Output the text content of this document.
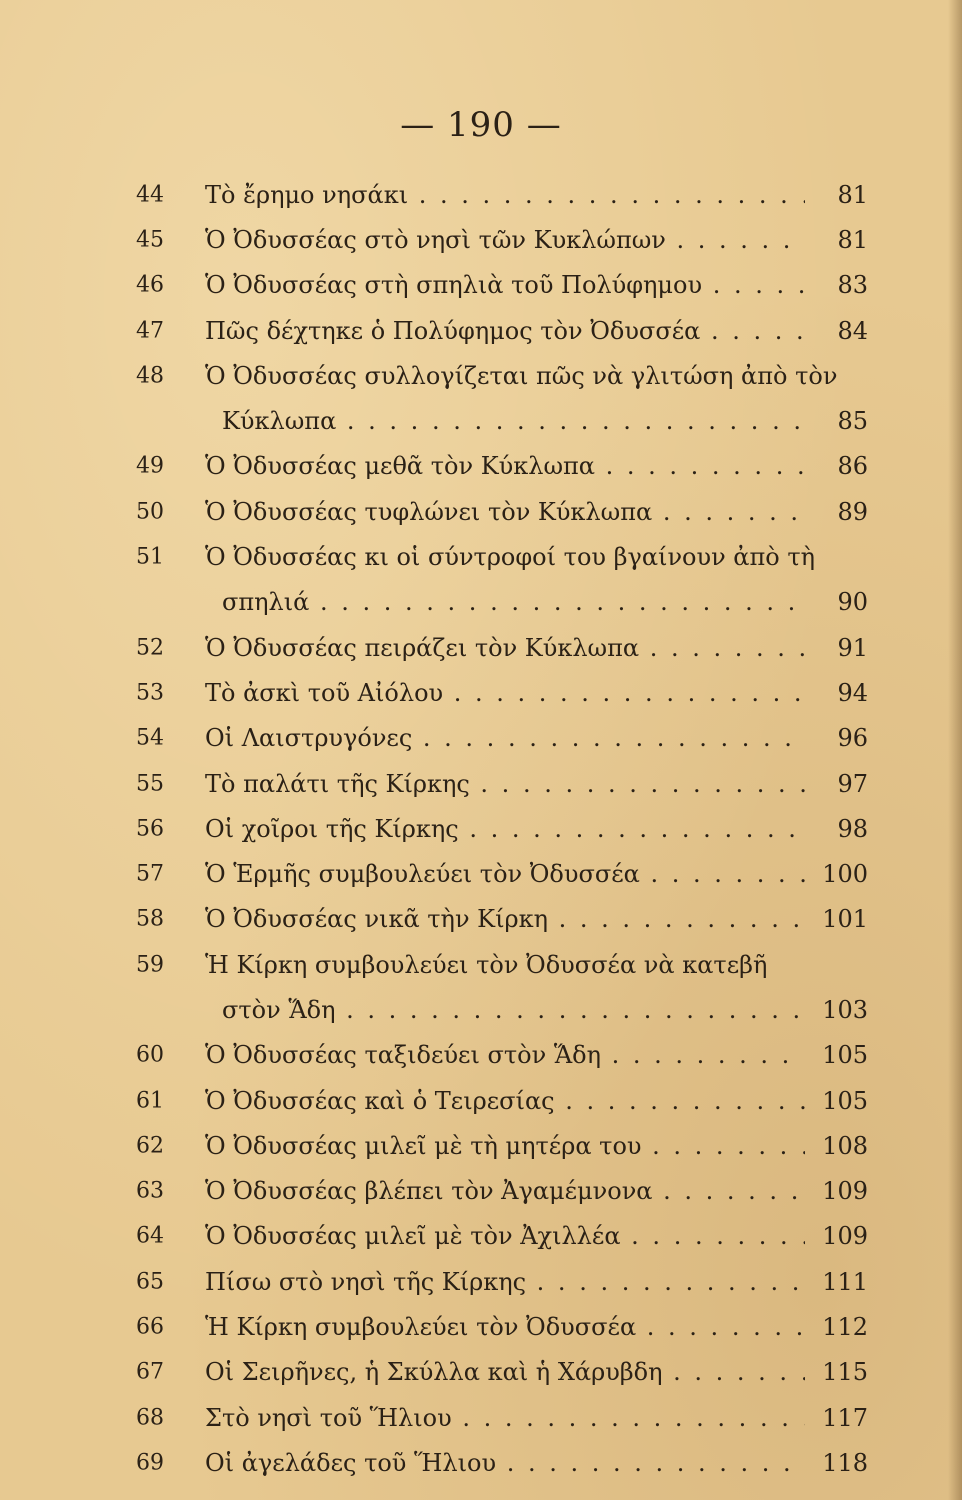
— 190 —
44 Τὸ ἔρημο νησάκι . . .	81
45 Ὁ Ὀδυσσέας στὸ νησὶ τῶν Κυκλώπων . . .	81
46 Ὁ Ὀδυσσέας στὴ σπηλιὰ τοῦ Πολύφημου . . .	83
47 Πῶς δέχτηκε ὁ Πολύφημος τὸν Ὀδυσσέα . . .	84
48 Ὁ Ὀδυσσέας συλλογίζεται πῶς νὰ γλιτώση ἀπὸ τὸν
Κύκλωπα . . .	85
49 Ὁ Ὀδυσσέας μεθᾶ τὸν Κύκλωπα . . .	86
50 Ὁ Ὀδυσσέας τυφλώνει τὸν Κύκλωπα . . .	89
51 Ὁ Ὀδυσσέας κι οἱ σύντροφοί του βγαίνουν ἀπὸ τὴ
σπηλιά . . .	90
52 Ὁ Ὀδυσσέας πειράζει τὸν Κύκλωπα . . .	91
53 Τὸ ἀσκὶ τοῦ Αἰόλου . . .	94
54 Οἱ Λαιστρυγόνες . . .	96
55 Τὸ παλάτι τῆς Κίρκης . . .	97
56 Οἱ χοῖροι τῆς Κίρκης . . .	98
57 Ὁ Ἑρμῆς συμβουλεύει τὸν Ὀδυσσέα . . .	100
58 Ὁ Ὀδυσσέας νικᾶ τὴν Κίρκη . . .	101
59 Ἡ Κίρκη συμβουλεύει τὸν Ὀδυσσέα νὰ κατεβῆ
στὸν Ἅδη . . .	103
60 Ὁ Ὀδυσσέας ταξιδεύει στὸν Ἅδη . . .	105
61 Ὁ Ὀδυσσέας καὶ ὁ Τειρεσίας . . .	105
62 Ὁ Ὀδυσσέας μιλεῖ μὲ τὴ μητέρα του . . .	108
63 Ὁ Ὀδυσσέας βλέπει τὸν Ἀγαμέμνονα . . .	109
64 Ὁ Ὀδυσσέας μιλεῖ μὲ τὸν Ἀχιλλέα . . .	109
65 Πίσω στὸ νησὶ τῆς Κίρκης . . .	111
66 Ἡ Κίρκη συμβουλεύει τὸν Ὀδυσσέα . . .	112
67 Οἱ Σειρῆνες, ἡ Σκύλλα καὶ ἡ Χάρυβδη . . .	115
68 Στὸ νησὶ τοῦ Ἥλιου . . .	117
69 Οἱ ἀγελάδες τοῦ Ἥλιου . . .	118
